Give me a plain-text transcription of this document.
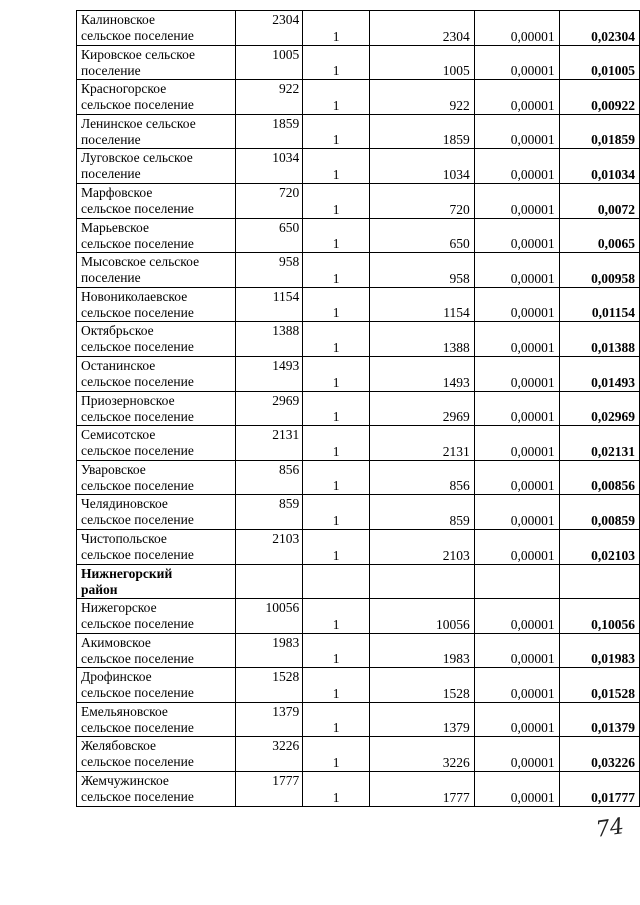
Калиновское
сельское поселение	2304	1	2304	0,00001	0,02304

Кировское сельское
поселение	1005	1	1005	0,00001	0,01005

Красногорское
сельское поселение	922	1	922	0,00001	0,00922

Ленинское сельское
поселение	1859	1	1859	0,00001	0,01859

Луговское сельское
поселение	1034	1	1034	0,00001	0,01034

Марфовское
сельское поселение	720	1	720	0,00001	0,0072

Марьевское
сельское поселение	650	1	650	0,00001	0,0065

Мысовское сельское
поселение	958	1	958	0,00001	0,00958

Новониколаевское
сельское поселение	1154	1	1154	0,00001	0,01154

Октябрьское
сельское поселение	1388	1	1388	0,00001	0,01388

Останинское
сельское поселение	1493	1	1493	0,00001	0,01493

Приозерновское
сельское поселение	2969	1	2969	0,00001	0,02969

Семисотское
сельское поселение	2131	1	2131	0,00001	0,02131

Уваровское
сельское поселение	856	1	856	0,00001	0,00856

Челядиновское
сельское поселение	859	1	859	0,00001	0,00859

Чистопольское
сельское поселение	2103	1	2103	0,00001	0,02103

Нижнегорский
район					

Нижегорское
сельское поселение	10056	1	10056	0,00001	0,10056

Акимовское
сельское поселение	1983	1	1983	0,00001	0,01983

Дрофинское
сельское поселение	1528	1	1528	0,00001	0,01528

Емельяновское
сельское поселение	1379	1	1379	0,00001	0,01379

Желябовское
сельское поселение	3226	1	3226	0,00001	0,03226

Жемчужинское
сельское поселение	1777	1	1777	0,00001	0,01777
74
